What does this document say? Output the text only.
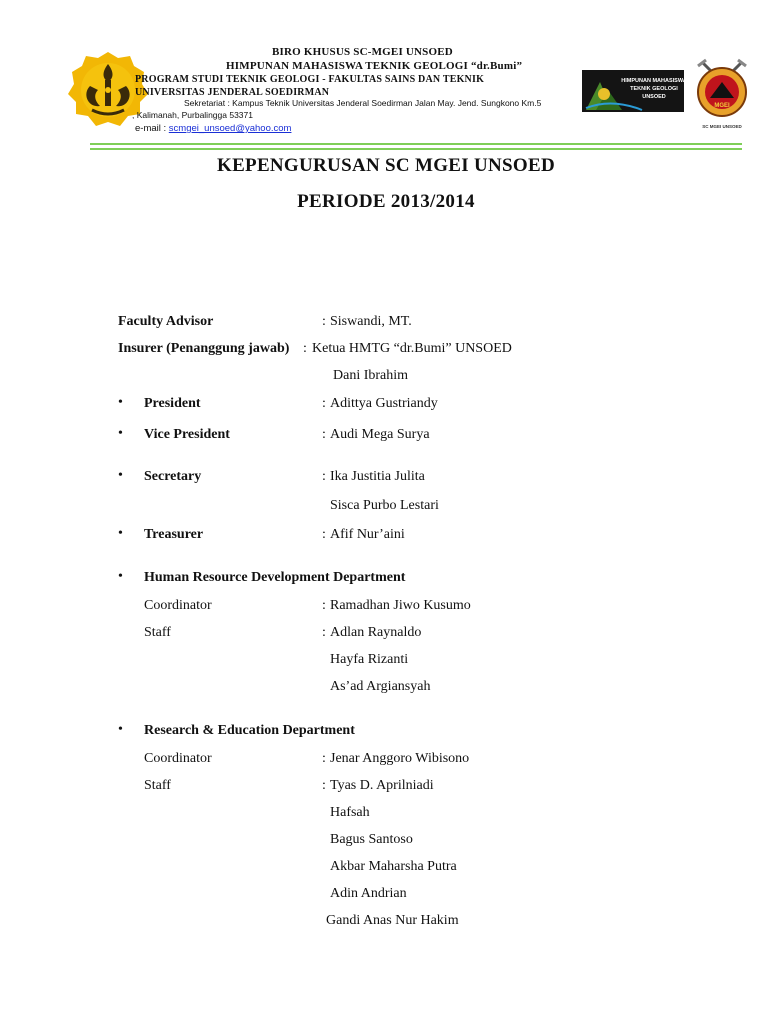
BIRO KHUSUS SC-MGEI UNSOED
HIMPUNAN MAHASISWA TEKNIK GEOLOGI “dr.Bumi”
PROGRAM STUDI TEKNIK GEOLOGI - FAKULTAS SAINS DAN TEKNIK
UNIVERSITAS JENDERAL SOEDIRMAN
Sekretariat : Kampus Teknik Universitas Jenderal Soedirman Jalan May. Jend. Sungkono Km.5
, Kalimanah, Purbalingga 53371
e-mail : scmgei_unsoed@yahoo.com
HIMPUNAN MAHASISWA
TEKNIK GEOLOGI
UNSOED
MGEI
SC MGEI UNSOED
KEPENGURUSAN SC MGEI UNSOED
PERIODE 2013/2014
Faculty Advisor	: Siswandi, MT.
Insurer (Penanggung jawab) : Ketua HMTG “dr.Bumi” UNSOED
Dani Ibrahim
• President	: Adittya Gustriandy
• Vice President	: Audi Mega Surya
• Secretary	: Ika Justitia Julita
Sisca Purbo Lestari
• Treasurer	: Afif Nur’aini
• Human Resource Development Department
Coordinator	: Ramadhan Jiwo Kusumo
Staff	: Adlan Raynaldo
Hayfa Rizanti
As’ad Argiansyah
• Research & Education Department
Coordinator	: Jenar Anggoro Wibisono
Staff	: Tyas D. Aprilniadi
Hafsah
Bagus Santoso
Akbar Maharsha Putra
Adin Andrian
Gandi Anas Nur Hakim
